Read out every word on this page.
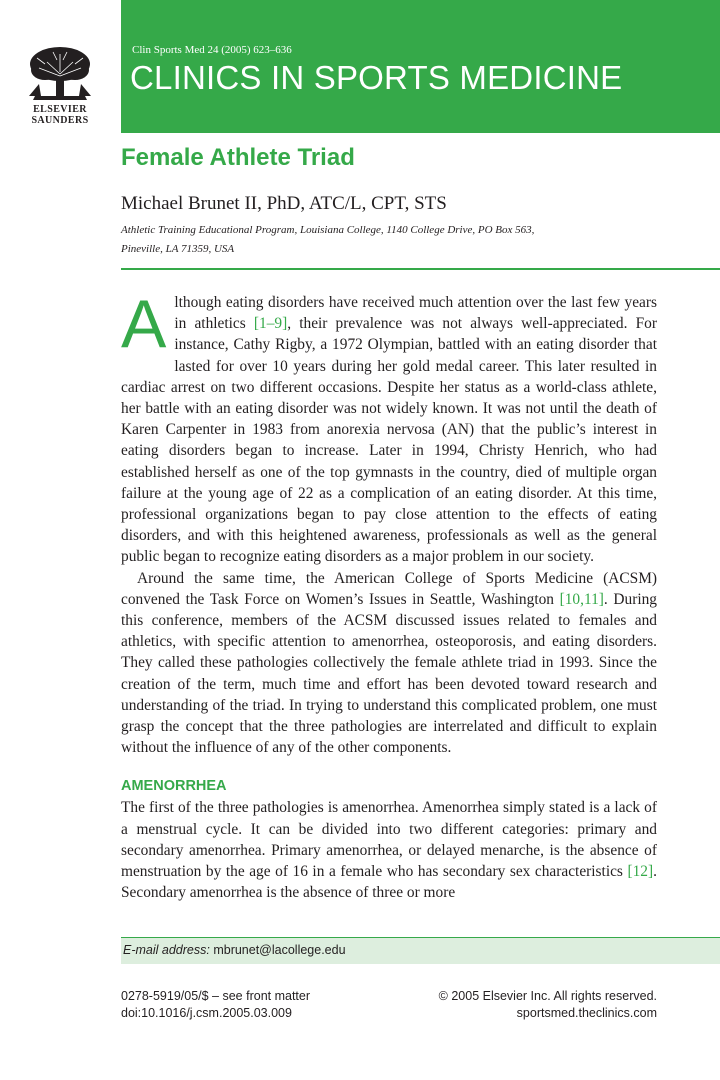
ELSEVIER
SAUNDERS
Clin Sports Med 24 (2005) 623–636
CLINICS IN SPORTS MEDICINE
Female Athlete Triad
Michael Brunet II, PhD, ATC/L, CPT, STS
Athletic Training Educational Program, Louisiana College, 1140 College Drive, PO Box 563,
Pineville, LA 71359, USA

Although eating disorders have received much attention over the last few years in athletics [1–9], their prevalence was not always well-appreciated. For instance, Cathy Rigby, a 1972 Olympian, battled with an eating disorder that lasted for over 10 years during her gold medal career. This later resulted in cardiac arrest on two different occasions. Despite her status as a world-class athlete, her battle with an eating disorder was not widely known. It was not until the death of Karen Carpenter in 1983 from anorexia nervosa (AN) that the public’s interest in eating disorders began to increase. Later in 1994, Christy Henrich, who had established herself as one of the top gymnasts in the country, died of multiple organ failure at the young age of 22 as a complication of an eating disorder. At this time, professional organizations began to pay close attention to the effects of eating disorders, and with this heightened awareness, professionals as well as the general public began to recognize eating disorders as a major problem in our society.

Around the same time, the American College of Sports Medicine (ACSM) convened the Task Force on Women’s Issues in Seattle, Washington [10,11]. During this conference, members of the ACSM discussed issues related to females and athletics, with specific attention to amenorrhea, osteoporosis, and eating disorders. They called these pathologies collectively the female athlete triad in 1993. Since the creation of the term, much time and effort has been devoted toward research and understanding of the triad. In trying to understand this complicated problem, one must grasp the concept that the three pathologies are interrelated and difficult to explain without the influence of any of the other components.

AMENORRHEA

The first of the three pathologies is amenorrhea. Amenorrhea simply stated is a lack of a menstrual cycle. It can be divided into two different categories: primary and secondary amenorrhea. Primary amenorrhea, or delayed menarche, is the absence of menstruation by the age of 16 in a female who has secondary sex characteristics [12]. Secondary amenorrhea is the absence of three or more

E-mail address: mbrunet@lacollege.edu
0278-5919/05/$ – see front matter
doi:10.1016/j.csm.2005.03.009
© 2005 Elsevier Inc. All rights reserved.
sportsmed.theclinics.com
